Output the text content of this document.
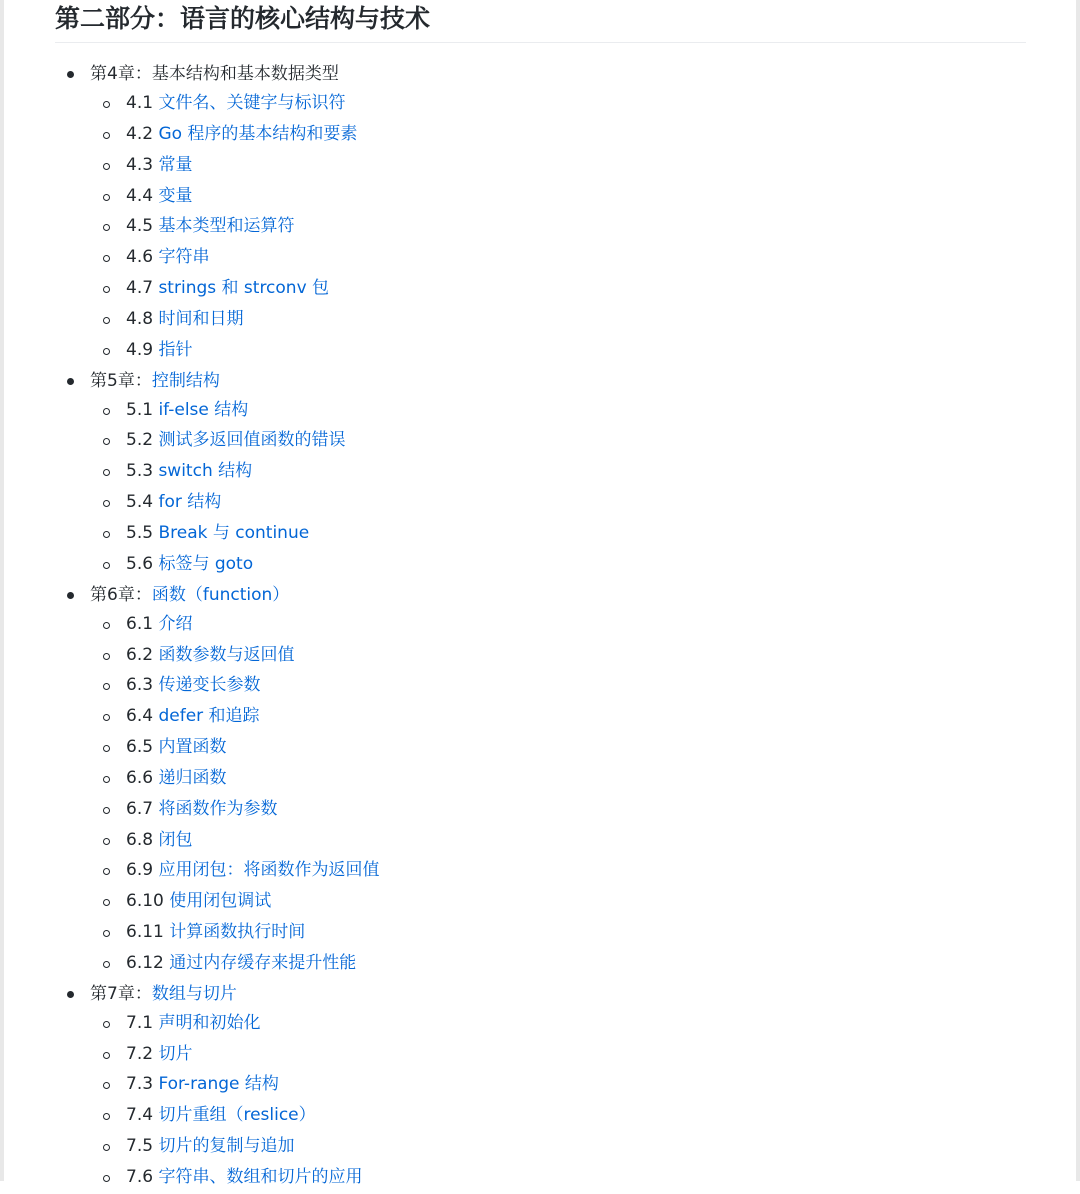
第二部分：语言的核心结构与技术
第4章：基本结构和基本数据类型
4.1 文件名、关键字与标识符
4.2 Go 程序的基本结构和要素
4.3 常量
4.4 变量
4.5 基本类型和运算符
4.6 字符串
4.7 strings 和 strconv 包
4.8 时间和日期
4.9 指针
第5章：控制结构
5.1 if-else 结构
5.2 测试多返回值函数的错误
5.3 switch 结构
5.4 for 结构
5.5 Break 与 continue
5.6 标签与 goto
第6章：函数（function）
6.1 介绍
6.2 函数参数与返回值
6.3 传递变长参数
6.4 defer 和追踪
6.5 内置函数
6.6 递归函数
6.7 将函数作为参数
6.8 闭包
6.9 应用闭包：将函数作为返回值
6.10 使用闭包调试
6.11 计算函数执行时间
6.12 通过内存缓存来提升性能
第7章：数组与切片
7.1 声明和初始化
7.2 切片
7.3 For-range 结构
7.4 切片重组（reslice）
7.5 切片的复制与追加
7.6 字符串、数组和切片的应用
